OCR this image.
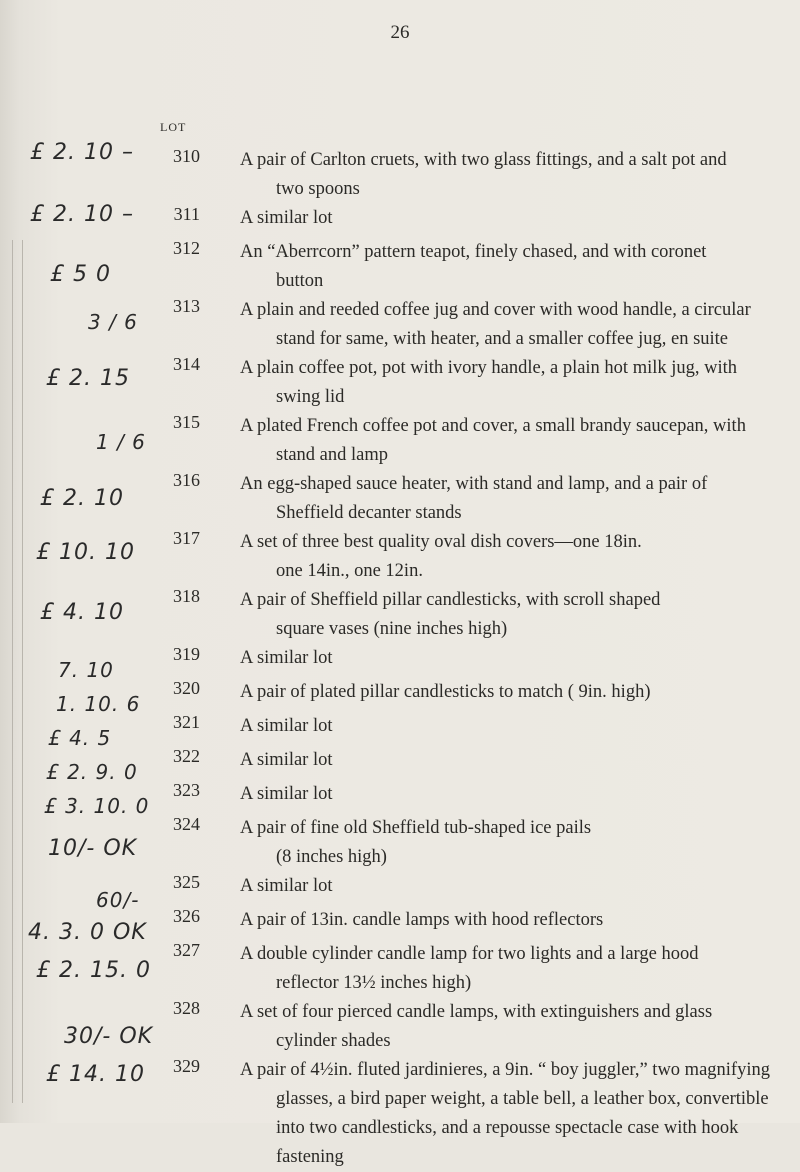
26
LOT
£ 2. 10 –
£ 2. 10 –
£ 5 0
3 / 6
£ 2. 15
1 / 6
£ 2. 10
£ 10. 10
£ 4. 10
7. 10
1. 10. 6
£ 4. 5
£ 2. 9. 0
£ 3. 10. 0
10/- OK
60/-
4. 3. 0 OK
£ 2. 15. 0
30/- OK
£ 14. 10
310 A pair of Carlton cruets, with two glass fittings, and a salt pot and
two spoons
311 A similar lot
312 An “Aberrcorn” pattern teapot, finely chased, and with coronet
button
313 A plain and reeded coffee jug and cover with wood handle, a circular
stand for same, with heater, and a smaller coffee jug, en suite
314 A plain coffee pot, pot with ivory handle, a plain hot milk jug, with
swing lid
315 A plated French coffee pot and cover, a small brandy saucepan, with
stand and lamp
316 An egg-shaped sauce heater, with stand and lamp, and a pair of
Sheffield decanter stands
317 A set of three best quality oval dish covers—one 18in.
one 14in., one 12in.
318 A pair of Sheffield pillar candlesticks, with scroll shaped
square vases (nine inches high)
319 A similar lot
320 A pair of plated pillar candlesticks to match ( 9in. high)
321 A similar lot
322 A similar lot
323 A similar lot
324 A pair of fine old Sheffield tub-shaped ice pails
(8 inches high)
325 A similar lot
326 A pair of 13in. candle lamps with hood reflectors
327 A double cylinder candle lamp for two lights and a large hood
reflector 13½ inches high)
328 A set of four pierced candle lamps, with extinguishers and glass
cylinder shades
329 A pair of 4½in. fluted jardinieres, a 9in. “ boy juggler,” two magnifying
glasses, a bird paper weight, a table bell, a leather box, convertible
into two candlesticks, and a repousse spectacle case with hook
fastening
